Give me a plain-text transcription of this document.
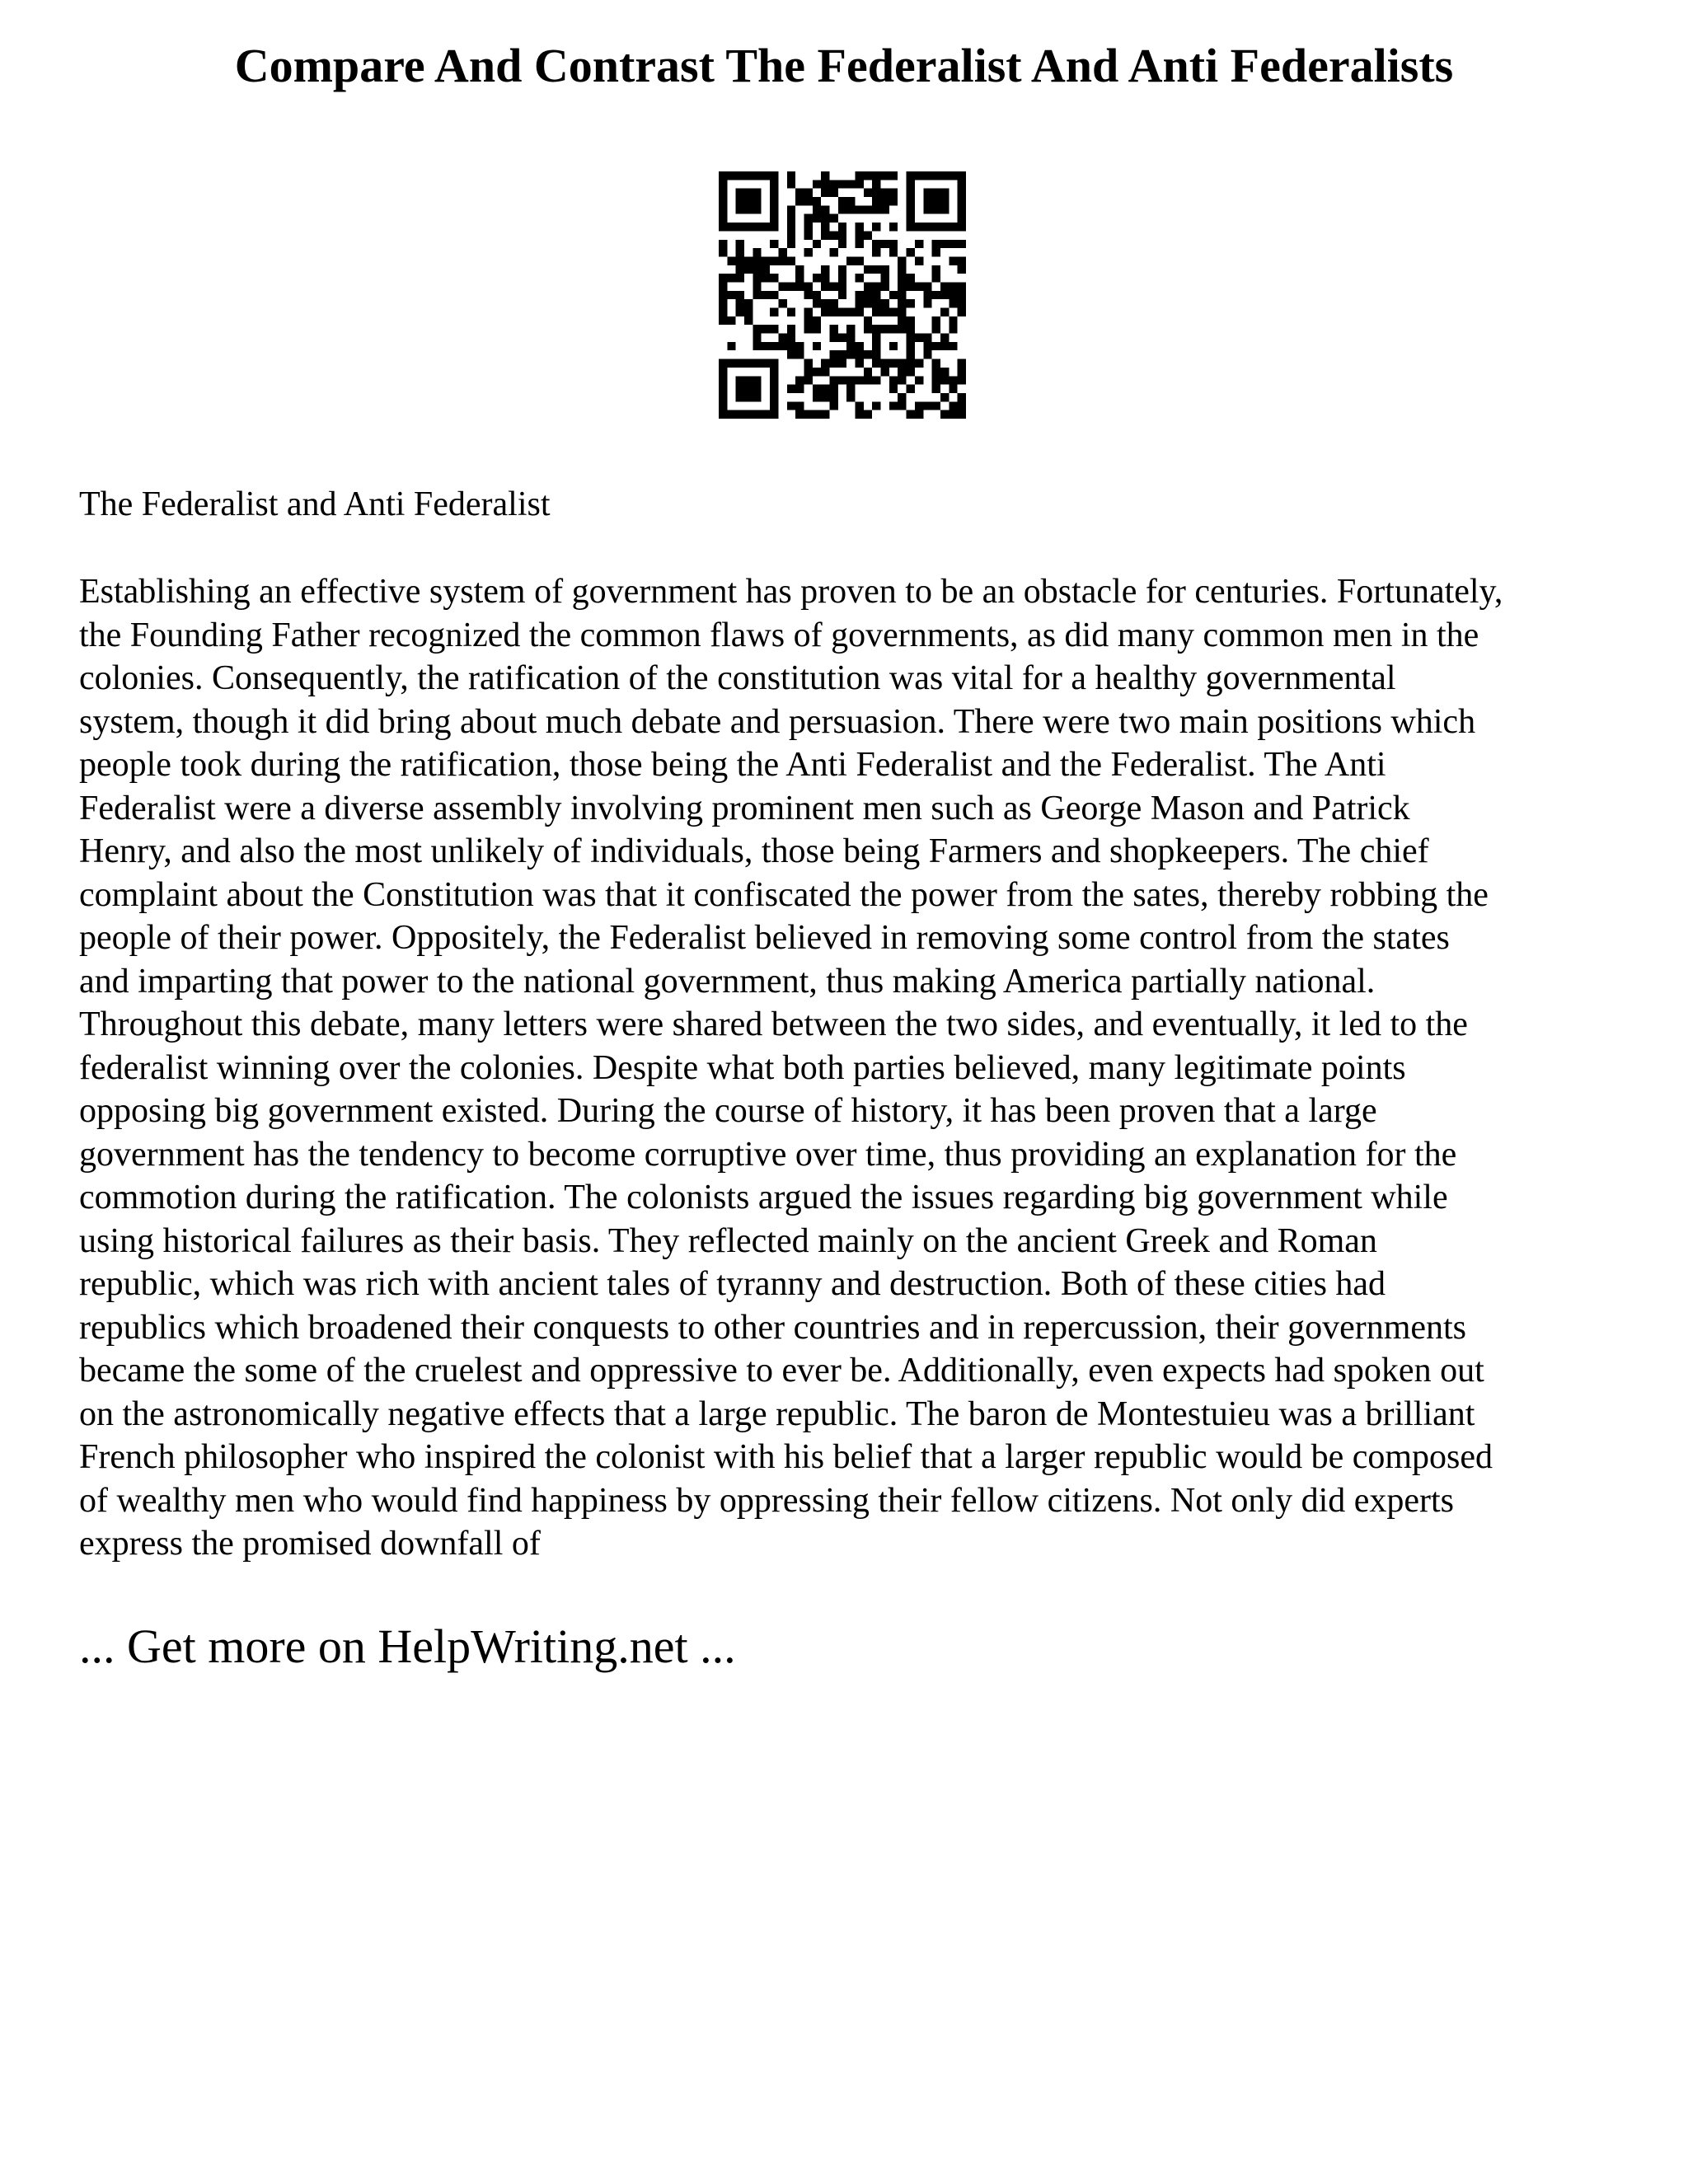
Compare And Contrast The Federalist And Anti Federalists

The Federalist and Anti Federalist

Establishing an effective system of government has proven to be an obstacle for centuries. Fortunately,
the Founding Father recognized the common flaws of governments, as did many common men in the
colonies. Consequently, the ratification of the constitution was vital for a healthy governmental
system, though it did bring about much debate and persuasion. There were two main positions which
people took during the ratification, those being the Anti Federalist and the Federalist. The Anti
Federalist were a diverse assembly involving prominent men such as George Mason and Patrick
Henry, and also the most unlikely of individuals, those being Farmers and shopkeepers. The chief
complaint about the Constitution was that it confiscated the power from the sates, thereby robbing the
people of their power. Oppositely, the Federalist believed in removing some control from the states
and imparting that power to the national government, thus making America partially national.
Throughout this debate, many letters were shared between the two sides, and eventually, it led to the
federalist winning over the colonies. Despite what both parties believed, many legitimate points
opposing big government existed. During the course of history, it has been proven that a large
government has the tendency to become corruptive over time, thus providing an explanation for the
commotion during the ratification. The colonists argued the issues regarding big government while
using historical failures as their basis. They reflected mainly on the ancient Greek and Roman
republic, which was rich with ancient tales of tyranny and destruction. Both of these cities had
republics which broadened their conquests to other countries and in repercussion, their governments
became the some of the cruelest and oppressive to ever be. Additionally, even expects had spoken out
on the astronomically negative effects that a large republic. The baron de Montestuieu was a brilliant
French philosopher who inspired the colonist with his belief that a larger republic would be composed
of wealthy men who would find happiness by oppressing their fellow citizens. Not only did experts
express the promised downfall of

... Get more on HelpWriting.net ...
